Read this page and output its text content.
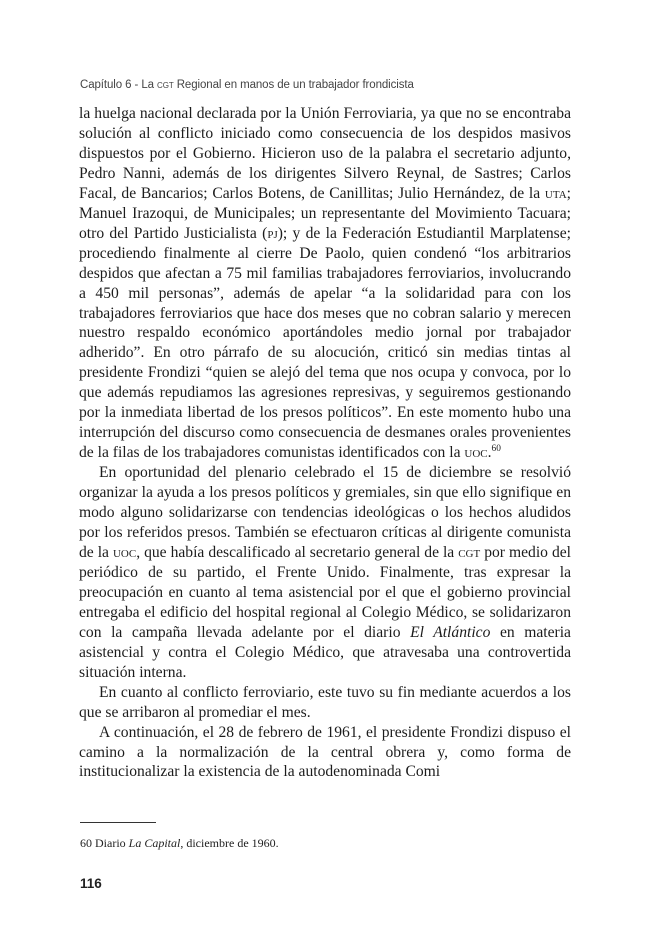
Capítulo 6 - La cgt Regional en manos de un trabajador frondicista

la huelga nacional declarada por la Unión Ferroviaria, ya que no se encontraba solución al conflicto iniciado como consecuencia de los despidos masivos dispuestos por el Gobierno. Hicieron uso de la palabra el secretario adjunto, Pedro Nanni, además de los dirigentes Silvero Reynal, de Sastres; Carlos Facal, de Bancarios; Carlos Botens, de Canillitas; Julio Hernández, de la uta; Manuel Irazoqui, de Municipales; un representante del Movimiento Tacuara; otro del Partido Justicialista (pj); y de la Federación Estudiantil Marplatense; procediendo finalmente al cierre De Paolo, quien condenó “los arbitrarios despidos que afectan a 75 mil familias trabajadores ferroviarios, involucrando a 450 mil personas”, además de apelar “a la solidaridad para con los trabajadores ferroviarios que hace dos meses que no cobran salario y merecen nuestro respaldo económico aportándoles medio jornal por trabajador adherido”. En otro párrafo de su alocución, criticó sin medias tintas al presidente Frondizi “quien se alejó del tema que nos ocupa y convoca, por lo que además repudiamos las agresiones represivas, y seguiremos gestionando por la inmediata libertad de los presos políticos”. En este momento hubo una interrupción del discurso como consecuencia de desmanes orales provenientes de la filas de los trabajadores comunistas identificados con la uoc.$^{60}$

En oportunidad del plenario celebrado el 15 de diciembre se resolvió organizar la ayuda a los presos políticos y gremiales, sin que ello signifique en modo alguno solidarizarse con tendencias ideológicas o los hechos aludidos por los referidos presos. También se efectuaron críticas al dirigente comunista de la uoc, que había descalificado al secretario general de la cgt por medio del periódico de su partido, el Frente Unido. Finalmente, tras expresar la preocupación en cuanto al tema asistencial por el que el gobierno provincial entregaba el edificio del hospital regional al Colegio Médico, se solidarizaron con la campaña llevada adelante por el diario El Atlántico en materia asistencial y contra el Colegio Médico, que atravesaba una controvertida situación interna.

En cuanto al conflicto ferroviario, este tuvo su fin mediante acuerdos a los que se arribaron al promediar el mes.

A continuación, el 28 de febrero de 1961, el presidente Frondizi dispuso el camino a la normalización de la central obrera y, como forma de institucionalizar la existencia de la autodenominada Comi

60 Diario La Capital, diciembre de 1960.
116
